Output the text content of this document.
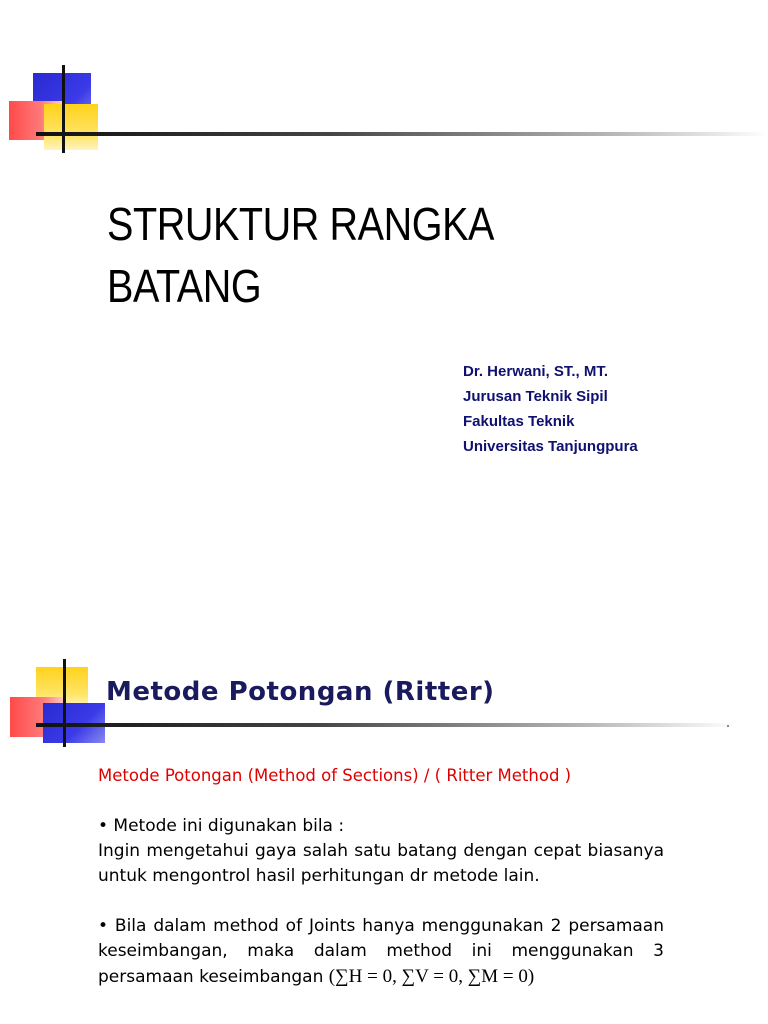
STRUKTUR RANGKA
BATANG
Dr. Herwani, ST., MT.
Jurusan Teknik Sipil
Fakultas Teknik
Universitas Tanjungpura
Metode Potongan (Ritter)
Metode Potongan (Method of Sections) / ( Ritter Method )
• Metode ini digunakan bila :
Ingin mengetahui gaya salah satu batang dengan cepat biasanya untuk mengontrol hasil perhitungan dr metode lain.
• Bila dalam method of Joints hanya menggunakan 2 persamaan keseimbangan, maka dalam method ini menggunakan 3 persamaan keseimbangan (∑H = 0, ∑V = 0, ∑M = 0)
